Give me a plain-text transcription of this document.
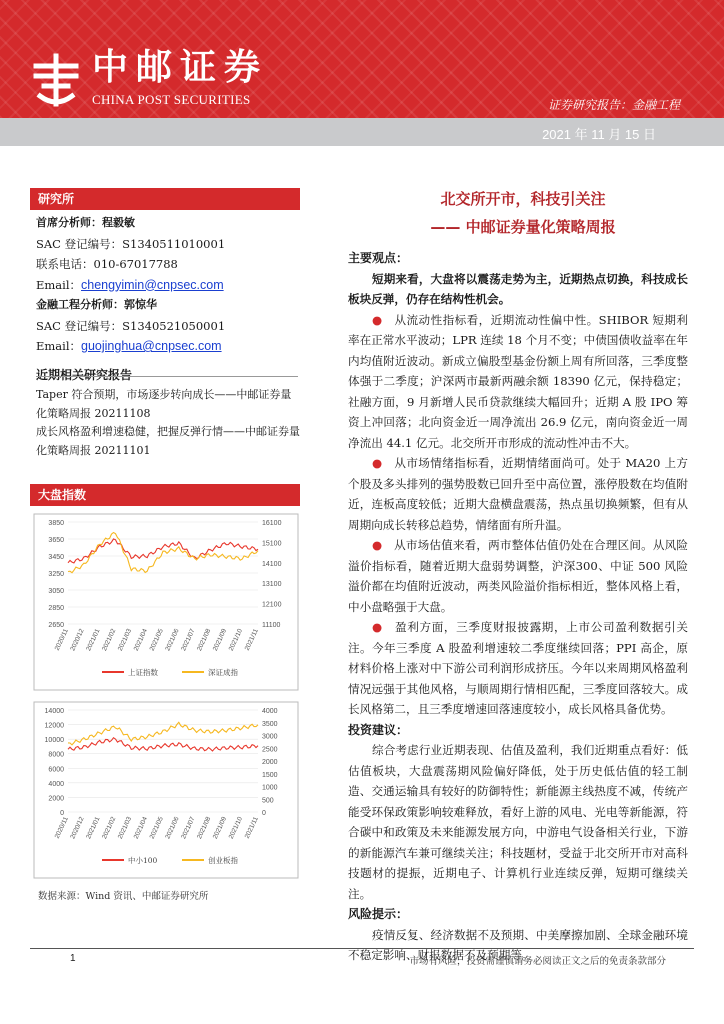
中邮证券
CHINA POST SECURITIES	证券研究报告：金融工程
2021 年 11 月 15 日
研究所
首席分析师：程毅敏
SAC 登记编号：S1340511010001
联系电话：010-67017788
Email：chengyimin@cnpsec.com
金融工程分析师：郭惊华
SAC 登记编号：S1340521050001
Email：guojinghua@cnpsec.com
近期相关研究报告
Taper 符合预期，市场逐步转向成长——中邮证券量化策略周报 20211108
成长风格盈利增速稳健，把握反弹行情——中邮证券量化策略周报 20211101
大盘指数
3850
3650
3450
3250
3050
2850
2650
16100
15100
14100
13100
12100
11100
2020/11 2020/12 2021/01 2021/02 2021/03 2021/04 2021/05 2021/06 2021/07 2021/08 2021/09 2021/10 2021/11
上证指数	深证成指
14000
12000
10000
8000
6000
4000
2000
0
4000
3500
3000
2500
2000
1500
1000
500
0
2020/11 2020/12 2021/01 2021/02 2021/03 2021/04 2021/05 2021/06 2021/07 2021/08 2021/09 2021/10 2021/11
中小100	创业板指
数据来源：Wind 资讯、中邮证券研究所
北交所开市，科技引关注
—— 中邮证券量化策略周报

主要观点：

短期来看，大盘将以震荡走势为主，近期热点切换，科技成长板块反弹，仍存在结构性机会。

●　 从流动性指标看，近期流动性偏中性。SHIBOR 短期利率在正常水平波动；LPR 连续 18 个月不变；中债国债收益率在年内均值附近波动。新成立偏股型基金份额上周有所回落，三季度整体强于二季度；沪深两市最新两融余额 18390 亿元，保持稳定；社融方面，9 月新增人民币贷款继续大幅回升；近期 A 股 IPO 筹资上冲回落；北向资金近一周净流出 26.9 亿元，南向资金近一周净流出 44.1 亿元。北交所开市形成的流动性冲击不大。

●　 从市场情绪指标看，近期情绪面尚可。处于 MA20 上方个股及多头排列的强势股数已回升至中高位置，涨停股数在均值附近，连板高度较低；近期大盘横盘震荡，热点虽切换频繁，但有从周期向成长转移总趋势，情绪面有所升温。

●　 从市场估值来看，两市整体估值仍处在合理区间。从风险溢价指标看，随着近期大盘弱势调整，沪深300、中证 500 风险溢价都在均值附近波动，两类风险溢价指标相近，整体风格上看，中小盘略强于大盘。

●　 盈利方面，三季度财报披露期，上市公司盈利数据引关注。今年三季度 A 股盈利增速较二季度继续回落；PPI 高企，原材料价格上涨对中下游公司利润形成挤压。今年以来周期风格盈利情况远强于其他风格，与顺周期行情相匹配，三季度回落较大。成长风格第二，且三季度增速回落速度较小，成长风格具备优势。

投资建议：

综合考虑行业近期表现、估值及盈利，我们近期重点看好：低估值板块，大盘震荡期风险偏好降低，处于历史低估值的轻工制造、交通运输具有较好的防御特性；新能源主线热度不减，传统产能受环保政策影响较难释放，看好上游的风电、光电等新能源，符合碳中和政策及未来能源发展方向，中游电气设备相关行业，下游的新能源汽车兼可继续关注；科技题材，受益于北交所开市对高科技题材的提振，近期电子、计算机行业连续反弹，短期可继续关注。

风险提示：

疫情反复、经济数据不及预期、中美摩擦加剧、全球金融环境不稳定影响、财报数据不及预期等。

1	市场有风险，投资需谨慎请务必阅读正文之后的免责条款部分
